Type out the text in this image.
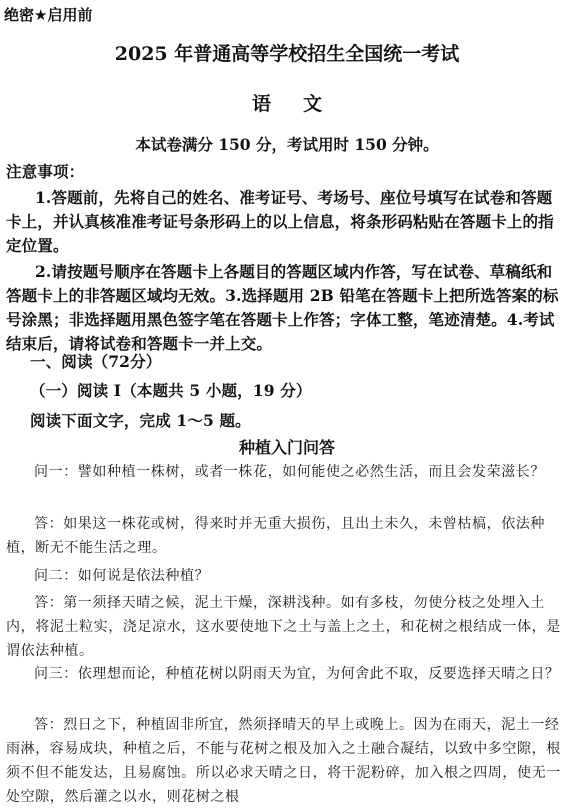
绝密★启用前
2025 年普通高等学校招生全国统一考试
语文
本试卷满分 150 分，考试用时 150 分钟。
注意事项：
1.答题前，先将自己的姓名、准考证号、考场号、座位号填写在试卷和答题卡上，并认真核准准考证号条形码上的以上信息，将条形码粘贴在答题卡上的指定位置。
2.请按题号顺序在答题卡上各题目的答题区域内作答，写在试卷、草稿纸和答题卡上的非答题区域均无效。3.选择题用 2B 铅笔在答题卡上把所选答案的标号涂黑；非选择题用黑色签字笔在答题卡上作答；字体工整，笔迹清楚。4.考试结束后，请将试卷和答题卡一并上交。
一、阅读（72分）
（一）阅读 I（本题共 5 小题，19 分）
阅读下面文字，完成 1～5 题。
种植入门问答
问一：譬如种植一株树，或者一株花，如何能使之必然生活，而且会发荣滋长？
答：如果这一株花或树，得来时并无重大损伤，且出土未久，未曾枯槁，依法种植，断无不能生活之理。
问二：如何说是依法种植？
答：第一须择天晴之候，泥土干燥，深耕浅种。如有多枝，勿使分枝之处埋入土内，将泥土粒实，浇足凉水，这水要使地下之土与盖上之土，和花树之根结成一体，是谓依法种植。
问三：依理想而论，种植花树以阴雨天为宜，为何舍此不取，反要选择天晴之日？
答：烈日之下，种植固非所宜，然须择晴天的早上或晚上。因为在雨天，泥土一经雨淋，容易成块，种植之后，不能与花树之根及加入之土融合凝结，以致中多空隙，根须不但不能发达，且易腐蚀。所以必求天晴之日，将干泥粉碎，加入根之四周，使无一处空隙，然后灌之以水，则花树之根
